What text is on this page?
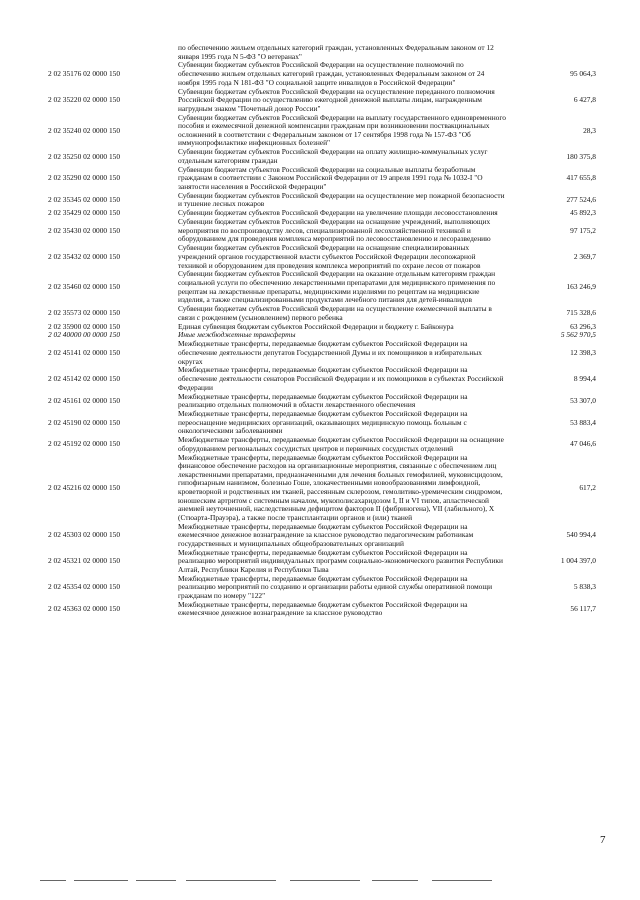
	по обеспечению жильем отдельных категорий граждан, установленных Федеральным законом от 12 января 1995 года N 5-ФЗ "О ветеранах"	
2 02 35176 02 0000 150	Субвенции бюджетам субъектов Российской Федерации на осуществление полномочий по обеспечению жильем отдельных категорий граждан, установленных Федеральным законом от 24 ноября 1995 года N 181-ФЗ "О социальной защите инвалидов в Российской Федерации"	95 064,3
2 02 35220 02 0000 150	Субвенции бюджетам субъектов Российской Федерации на осуществление переданного полномочия Российской Федерации по осуществлению ежегодной денежной выплаты лицам, награжденным нагрудным знаком "Почетный донор России"	6 427,8
2 02 35240 02 0000 150	Субвенции бюджетам субъектов Российской Федерации на выплату государственного единовременного пособия и ежемесячной денежной компенсации гражданам при возникновении поствакцинальных осложнений в соответствии с Федеральным законом от 17 сентября 1998 года № 157-ФЗ "Об иммунопрофилактике инфекционных болезней"	28,3
2 02 35250 02 0000 150	Субвенции бюджетам субъектов Российской Федерации на оплату жилищно-коммунальных услуг отдельным категориям граждан	180 375,8
2 02 35290 02 0000 150	Субвенции бюджетам субъектов Российской Федерации на социальные выплаты безработным гражданам в соответствии с Законом Российской Федерации от 19 апреля 1991 года № 1032-I "О занятости населения в Российской Федерации"	417 655,8
2 02 35345 02 0000 150	Субвенции бюджетам субъектов Российской Федерации на осуществление мер пожарной безопасности и тушение лесных пожаров	277 524,6
2 02 35429 02 0000 150	Субвенции бюджетам субъектов Российской Федерации на увеличение площади лесовосстановления	45 892,3
2 02 35430 02 0000 150	Субвенции бюджетам субъектов Российской Федерации на оснащение учреждений, выполняющих мероприятия по воспроизводству лесов, специализированной лесохозяйственной техникой и оборудованием для проведения комплекса мероприятий по лесовосстановлению и лесоразведению	97 175,2
2 02 35432 02 0000 150	Субвенции бюджетам субъектов Российской Федерации на оснащение специализированных учреждений органов государственной власти субъектов Российской Федерации лесопожарной техникой и оборудованием для проведения комплекса мероприятий по охране лесов от пожаров	2 369,7
2 02 35460 02 0000 150	Субвенции бюджетам субъектов Российской Федерации на оказание отдельным категориям граждан социальной услуги по обеспечению лекарственными препаратами для медицинского применения по рецептам на лекарственные препараты, медицинскими изделиями по рецептам на медицинские изделия, а также специализированными продуктами лечебного питания для детей-инвалидов	163 246,9
2 02 35573 02 0000 150	Субвенции бюджетам субъектов Российской Федерации на осуществление ежемесячной выплаты в связи с рождением (усыновлением) первого ребенка	715 328,6
2 02 35900 02 0000 150	Единая субвенция бюджетам субъектов Российской Федерации и бюджету г. Байконура	63 296,3
2 02 40000 00 0000 150	Иные межбюджетные трансферты	5 562 970,5
2 02 45141 02 0000 150	Межбюджетные трансферты, передаваемые бюджетам субъектов Российской Федерации на обеспечение деятельности депутатов Государственной Думы и их помощников в избирательных округах	12 398,3
2 02 45142 02 0000 150	Межбюджетные трансферты, передаваемые бюджетам субъектов Российской Федерации на обеспечение деятельности сенаторов Российской Федерации и их помощников в субъектах Российской Федерации	8 994,4
2 02 45161 02 0000 150	Межбюджетные трансферты, передаваемые бюджетам субъектов Российской Федерации на реализацию отдельных полномочий в области лекарственного обеспечения	53 307,0
2 02 45190 02 0000 150	Межбюджетные трансферты, передаваемые бюджетам субъектов Российской Федерации на переоснащение медицинских организаций, оказывающих медицинскую помощь больным с онкологическими заболеваниями	53 883,4
2 02 45192 02 0000 150	Межбюджетные трансферты, передаваемые бюджетам субъектов Российской Федерации на оснащение оборудованием региональных сосудистых центров и первичных сосудистых отделений	47 046,6
2 02 45216 02 0000 150	Межбюджетные трансферты, передаваемые бюджетам субъектов Российской Федерации на финансовое обеспечение расходов на организационные мероприятия, связанные с обеспечением лиц лекарственными препаратами, предназначенными для лечения больных гемофилией, муковисцидозом, гипофизарным нанизмом, болезнью Гоше, злокачественными новообразованиями лимфоидной, кроветворной и родственных им тканей, рассеянным склерозом, гемолитико-уремическим синдромом, юношеским артритом с системным началом, мукополисахаридозом I, II и VI типов, апластической анемией неуточненной, наследственным дефицитом факторов II (фибриногена), VII (лабильного), X (Стюарта-Прауэра), а также после трансплантации органов и (или) тканей	617,2
2 02 45303 02 0000 150	Межбюджетные трансферты, передаваемые бюджетам субъектов Российской Федерации на ежемесячное денежное вознаграждение за классное руководство педагогическим работникам государственных и муниципальных общеобразовательных организаций	540 994,4
2 02 45321 02 0000 150	Межбюджетные трансферты, передаваемые бюджетам субъектов Российской Федерации на реализацию мероприятий индивидуальных программ социально-экономического развития Республики Алтай, Республики Карелия и Республики Тыва	1 004 397,0
2 02 45354 02 0000 150	Межбюджетные трансферты, передаваемые бюджетам субъектов Российской Федерации на реализацию мероприятий по созданию и организации работы единой службы оперативной помощи гражданам по номеру "122"	5 838,3
2 02 45363 02 0000 150	Межбюджетные трансферты, передаваемые бюджетам субъектов Российской Федерации на ежемесячное денежное вознаграждение за классное руководство	56 117,7
7
